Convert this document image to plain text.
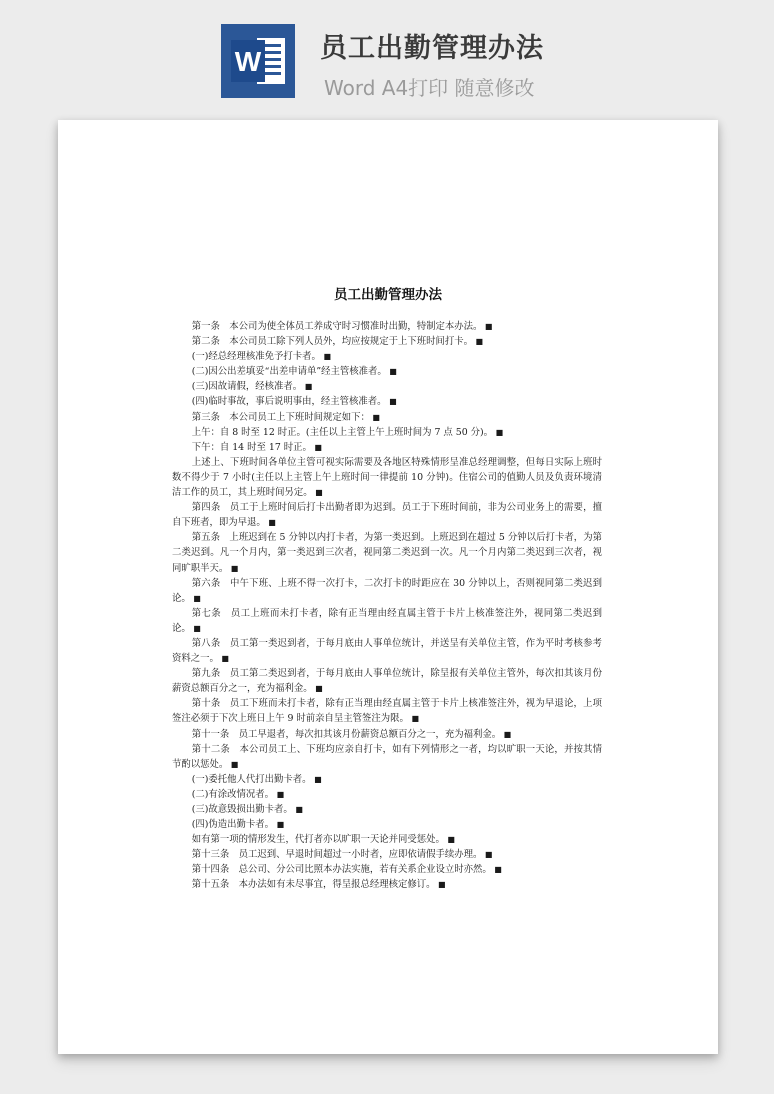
W 员工出勤管理办法
Word A4打印 随意修改
员工出勤管理办法

第一条　本公司为使全体员工养成守时习惯准时出勤，特制定本办法。 ■

第二条　本公司员工除下列人员外，均应按规定于上下班时间打卡。 ■

(一)经总经理核准免予打卡者。 ■

(二)因公出差填妥“出差申请单”经主管核准者。 ■

(三)因故请假，经核准者。 ■

(四)临时事故，事后说明事由，经主管核准者。 ■

第三条　本公司员工上下班时间规定如下： ■

上午：自 8 时至 12 时正。(主任以上主管上午上班时间为 7 点 50 分)。 ■

下午：自 14 时至 17 时正。 ■

上述上、下班时间各单位主管可视实际需要及各地区特殊情形呈准总经理调整，但每日实际上班时数不得少于 7 小时(主任以上主管上午上班时间一律提前 10 分钟)。住宿公司的值勤人员及负责环境清洁工作的员工，其上班时间另定。 ■

第四条　员工于上班时间后打卡出勤者即为迟到。员工于下班时间前，非为公司业务上的需要，擅自下班者，即为早退。 ■

第五条　上班迟到在 5 分钟以内打卡者，为第一类迟到。上班迟到在超过 5 分钟以后打卡者，为第二类迟到。凡一个月内，第一类迟到三次者，视同第二类迟到一次。凡一个月内第二类迟到三次者，视同旷职半天。 ■

第六条　中午下班、上班不得一次打卡，二次打卡的时距应在 30 分钟以上，否则视同第二类迟到论。 ■

第七条　员工上班而未打卡者，除有正当理由经直属主管于卡片上核准签注外，视同第二类迟到论。 ■

第八条　员工第一类迟到者，于每月底由人事单位统计，并送呈有关单位主管，作为平时考核参考资料之一。 ■

第九条　员工第二类迟到者，于每月底由人事单位统计，除呈报有关单位主管外，每次扣其该月份薪资总额百分之一，充为福利金。 ■

第十条　员工下班而未打卡者，除有正当理由经直属主管于卡片上核准签注外，视为早退论，上项签注必须于下次上班日上午 9 时前亲自呈主管签注为限。 ■

第十一条　员工早退者，每次扣其该月份薪资总额百分之一，充为福利金。 ■

第十二条　本公司员工上、下班均应亲自打卡，如有下列情形之一者，均以旷职一天论，并按其情节酌以惩处。 ■

(一)委托他人代打出勤卡者。 ■

(二)有涂改情况者。 ■

(三)故意毁损出勤卡者。 ■

(四)伪造出勤卡者。 ■

如有第一项的情形发生，代打者亦以旷职一天论并同受惩处。 ■

第十三条　员工迟到、早退时间超过一小时者，应即依请假手续办理。 ■

第十四条　总公司、分公司比照本办法实施，若有关系企业设立时亦然。 ■

第十五条　本办法如有未尽事宜，得呈报总经理核定修订。 ■
